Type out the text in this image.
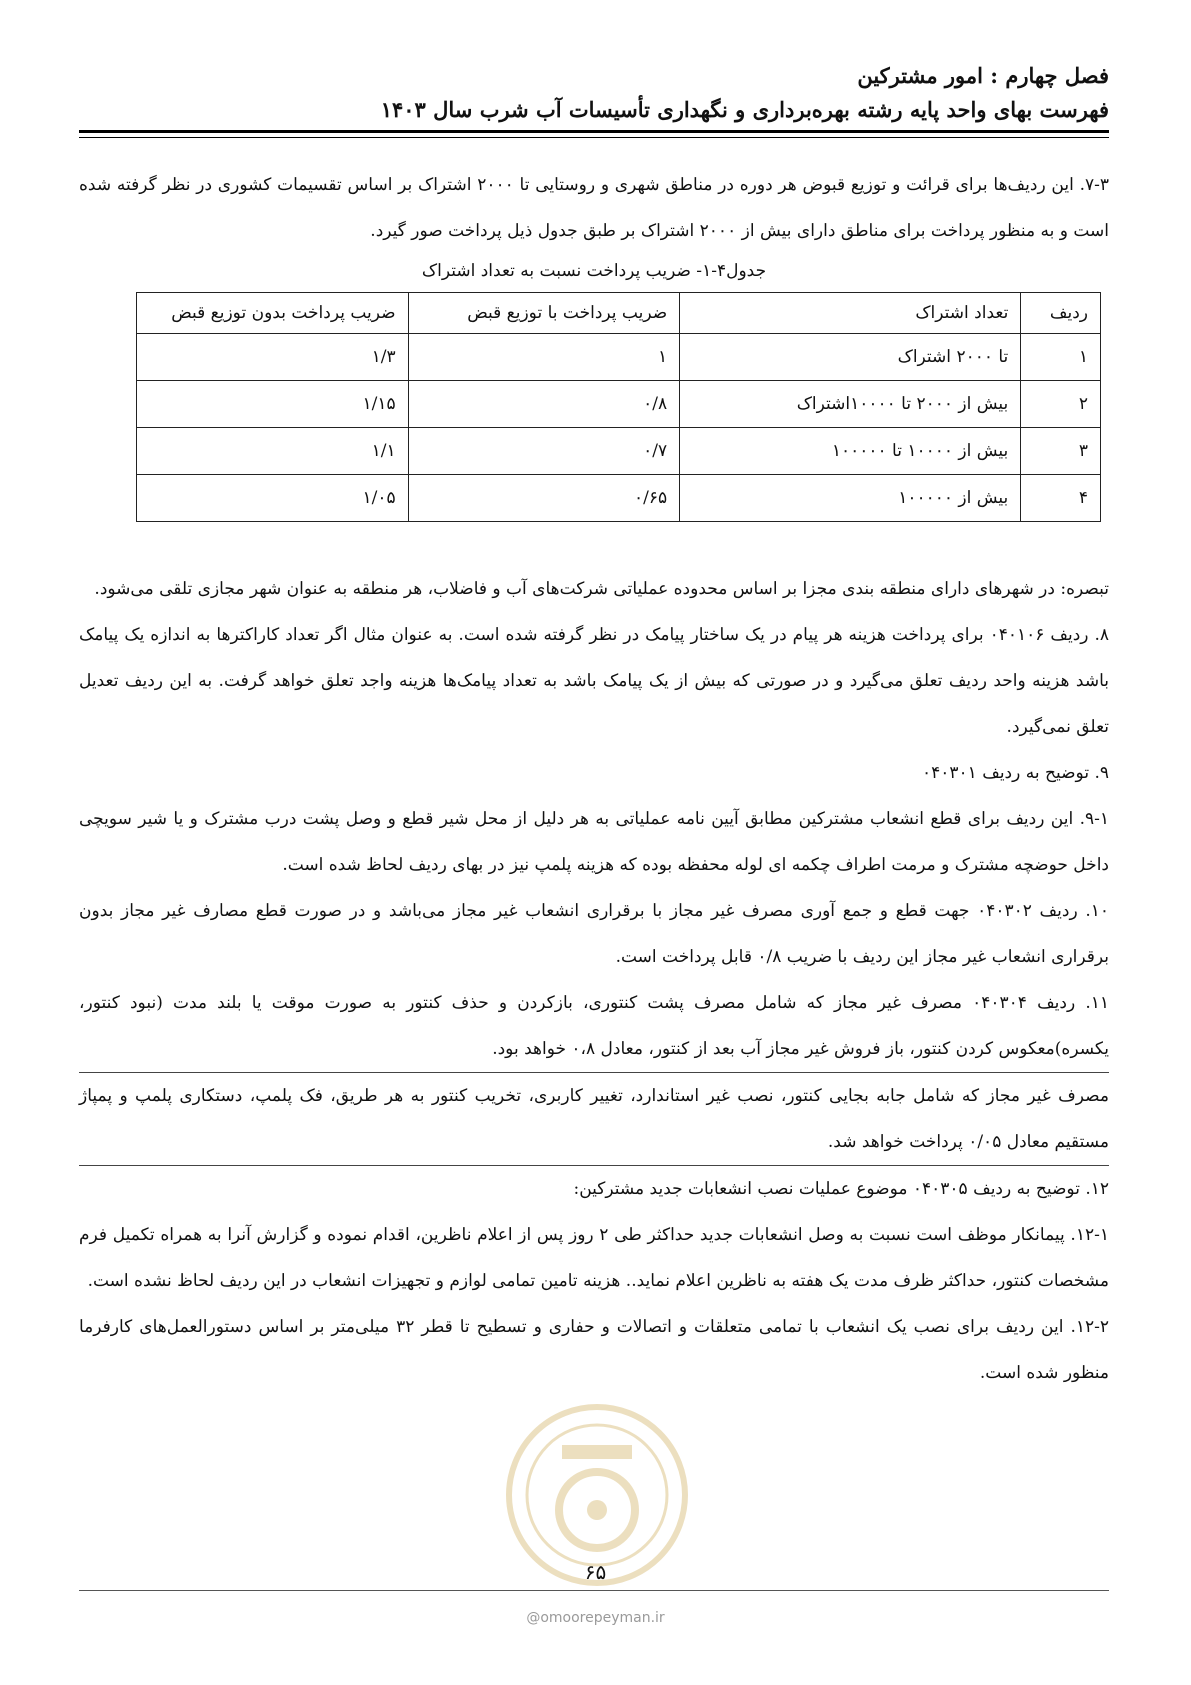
فصل چهارم : امور مشترکین
فهرست بهای واحد پایه رشته بهره‌برداری و نگهداری تأسیسات آب شرب سال ۱۴۰۳

۷-۳. این ردیف‌ها برای قرائت و توزیع قبوض هر دوره در مناطق شهری و روستایی تا ۲۰۰۰ اشتراک بر اساس تقسیمات کشوری در نظر گرفته شده است و به منظور پرداخت برای مناطق دارای بیش از ۲۰۰۰ اشتراک بر طبق جدول ذیل پرداخت صور گیرد.

جدول۴-۱- ضریب پرداخت نسبت به تعداد اشتراک
ردیف	تعداد اشتراک	ضریب پرداخت با توزیع قبض	ضریب پرداخت بدون توزیع قبض
۱	تا ۲۰۰۰ اشتراک	۱	۱/۳
۲	بیش از ۲۰۰۰ تا ۱۰۰۰۰اشتراک	۰/۸	۱/۱۵
۳	بیش از ۱۰۰۰۰ تا ۱۰۰۰۰۰	۰/۷	۱/۱
۴	بیش از ۱۰۰۰۰۰	۰/۶۵	۱/۰۵

تبصره: در شهرهای دارای منطقه بندی مجزا بر اساس محدوده عملیاتی شرکت‌های آب و فاضلاب، هر منطقه به عنوان شهر مجازی تلقی می‌شود.

۸. ردیف ۰۴۰۱۰۶ برای پرداخت هزینه هر پیام در یک ساختار پیامک در نظر گرفته شده است. به عنوان مثال اگر تعداد کاراکترها به اندازه یک پیامک باشد هزینه واحد ردیف تعلق می‌گیرد و در صورتی که بیش از یک پیامک باشد به تعداد پیامک‌ها هزینه واجد تعلق خواهد گرفت. به این ردیف تعدیل تعلق نمی‌گیرد.

۹. توضیح به ردیف ۰۴۰۳۰۱

۹-۱. این ردیف برای قطع انشعاب مشترکین مطابق آیین نامه عملیاتی به هر دلیل از محل شیر قطع و وصل پشت درب مشترک و یا شیر سویچی داخل حوضچه مشترک و مرمت اطراف چکمه ای لوله محفظه بوده که هزینه پلمپ نیز در بهای ردیف لحاظ شده است.

۱۰. ردیف ۰۴۰۳۰۲ جهت قطع و جمع آوری مصرف غیر مجاز با برقراری انشعاب غیر مجاز می‌باشد و در صورت قطع مصارف غیر مجاز بدون برقراری انشعاب غیر مجاز این ردیف با ضریب ۰/۸ قابل پرداخت است.

۱۱. ردیف ۰۴۰۳۰۴ مصرف غیر مجاز که شامل مصرف پشت کنتوری، بازکردن و حذف کنتور به صورت موقت یا بلند مدت (نبود کنتور، یکسره)معکوس کردن کنتور، باز فروش غیر مجاز آب بعد از کنتور، معادل ۰،۸ خواهد بود.

مصرف غیر مجاز که شامل جابه بجایی کنتور، نصب غیر استاندارد، تغییر کاربری، تخریب کنتور به هر طریق، فک پلمپ، دستکاری پلمپ و پمپاژ مستقیم معادل ۰/۰۵ پرداخت خواهد شد.

۱۲. توضیح به ردیف ۰۴۰۳۰۵ موضوع عملیات نصب انشعابات جدید مشترکین:

۱۲-۱. پیمانکار موظف است نسبت به وصل انشعابات جدید حداکثر طی ۲ روز پس از اعلام ناظرین، اقدام نموده و گزارش آنرا به همراه تکمیل فرم مشخصات کنتور، حداکثر ظرف مدت یک هفته به ناظرین اعلام نماید.. هزینه تامین تمامی لوازم و تجهیزات انشعاب در این ردیف لحاظ نشده است.

۱۲-۲. این ردیف برای نصب یک انشعاب با تمامی متعلقات و اتصالات و حفاری و تسطیح تا قطر ۳۲ میلی‌متر بر اساس دستورالعمل‌های کارفرما منظور شده است.

۶۵
@omoorepeyman.ir
